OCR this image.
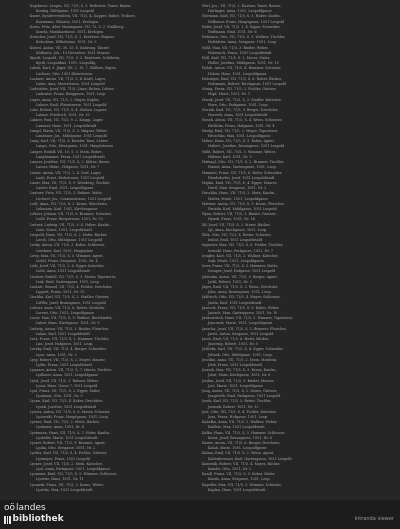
Kujakovac, Leopin, VII, 71/5, S, 3. Redivicer, Tanev, Bauen,
Kunlag, Waldgasse, 1051 Leopold
Kurze, Eyndeverwalten, VII, 71/5, K, Kapper, Ruhre, Trahore,
Kursmann, Glänzen, 1051, Krelogen
Kurtz, Fritz, Alter Stimmgasse, VII, 72, 5, 2. Stallberg,
Kusela, Mankhardasse, 1051, Krelogen
Kutscher, Josef, VII, 71/5, S, 2. Kerberer, Wagner,
Kutschera, Wilhelmine, 1051, Nr. 3
Kützel, Anton, VII, 30, 35, 6. Kuhrung, Tänzer,
Kütbauer, Joh., 10 Hernalser, 1051 Strasse
Kyselt, Leopold, VII, 71/5, 9. 2. Rentierer, Schülerin,
Kyrill, Leopoldine, 1051, Leopoldg.
Labek, Karl, 9. Jäger, VII, 2. 10, 7. Wallner, Sägen,
Lachner, Otto, 1051 Kleinstrasse
Lackner, Anton, VII, 71/5, 5, 4. Kraft, Lager,
Lader, Ama, Meerstrasse, 1051 Leopold
Ladstätter, Josef, VII, 71/5, Linze, Ruhen, Lehrer,
Ladurner, Franz, Berggasse, 1051, Leop.
Lager, Anna, VII, 71/5, 2. Mayer, Kupfer,
Lahner, Emil, Platzstrasse, 1051 Leopold
Lahr, Robert, VII, 71/5, S, 4. Stuben, Lagner,
Laimer, Friedrich, 1051, Nr. 10
Lakner, Paul, VII, 71/5, 9. 2. Knapp, Lager,
Lammer, Hans, 1051, Leopoldstadt
Lampl, Maria, VII, 71/5, S, 3. Wagner, Weber,
Landauer, Jos., Mühlgasse, 1051 Leopold
Lang, Karl, VII, 71/5, 6. Kessler, Tanz, Lehrer,
Lange, Otto, Meergasse, 1051, Hauptstrasse
Langer, Rudolf, VII, 10, 5. 3. Stein, Ruhre,
Langhammer, Franz, 1051 Leopoldstadt
Lanner, Josefine, VII, 71/5, S, 2. Kühne, Bauer,
Lasser, Heinr., Hofgasse, 1051, Nr. 7
Latzer, Anton, VII, 71/5, 2. 4. Dorf, Lager,
Laub, Ernst, Parkstrasse, 1051 Leopold
Lauer, Max, VII, 71/5, S, 9. Weinberg, Tischler,
Laufer, Emil, 1051, Leopoldgasse
Lautner, Fritz, VII, 71/5, 3. Ruhner, Maler,
Lechner, Jos., Sonnenstrasse, 1051 Leopold
Ledl, Anna, VII, 71/5, S, 2. Kraus, Wäscherin,
Lehmann, Karl, 1051, Kirchengasse
Lehner, Johann, VII, 71/5, 6. Brunner, Schuster,
Leibl, Franz, Bergstrasse, 1051, Nr. 12
Leitner, Ludwig, VII, 71/5, 9. 4. Huber, Kaufm.,
Lenz, Marie, 1051, Leopoldstadt
Leopold, Hans, VII, 71/5, S, 2. Hofer, Bäcker,
Lerch, Otto, Mühlgasse, 1051 Leopold
Lesky, Anton, VII, 71/5, 3. Kober, Schlosser,
Leuthner, Karl, 1051, Hauptplatz
Lewy, Max, VII, 71/5, S, 5. Wimmer, Agent,
Lichtl, Franz, Seegasse, 1051, Nr. 4
Lieb, Josef, VII, 71/5, 2. 8. Egger, Kutscher,
Liebl, Anna, 1051 Leopoldstadt
Lindner, Rudolf, VII, 71/5, S, 3. Moser, Tapezierer,
Link, Emil, Gartengasse, 1051, Leop.
Linhart, Wenzel, VII, 71/5, 4. Pichler, Drechsler,
Lippert, Franz, 1051, Nr. 15
Lischka, Karl, VII, 71/5, S, 2. Stadler, Gärtner,
Löffler, Josef, Brunngasse, 1051 Leopold
Lohner, Anna, VII, 71/5, 6. Reiter, Modistin,
Lorenz, Otto, 1051, Leopoldgasse
Loser, Max, VII, 71/5, S, 9. Wallner, Buchbinder,
Luber, Hans, Kirchgasse, 1051, Nr. 9
Ludwig, Anton, VII, 71/5, 3. Binder, Fleischer,
Lukas, Karl, 1051 Leopoldstadt
Lutz, Franz, VII, 71/5, S, 2. Hammer, Tischler,
Lux, Josef, Hofgasse, 1051, Leop.
Lutzky, Emil, VII, 71/5, 4. Berger, Schneider,
Lyon, Anna, 1051, Nr. 3
Lysy, Robert, VII, 71/5, S, 2. Mayer, Maurer,
Lytke, Franz, 1051 Leopoldstadt
Lynauer, Anton, VII, 71/5, S, 7. Hinter, Tischler,
Lydlauer, Anna, 1051, Leopoldgasse
Lytzl, Josef, VII, 71/5, 3. Ruhner, Weber,
Lyzar, Hans, Gasse 7, 1051 Leopold
Lyxl, Franz, VII, 71/5, S, 2. Egger, Maler,
Lyzmann, Otto, 1051, Nr. 5
Lysan, Karl, VII, 71/5, 4. Kober, Drechsler,
Lyzek, Josefine, 1051 Leopoldstadt
Lywitz, Anton, VII, 71/5, S, 6. Moser, Schuster,
Lyzowski, Franz, Hauptgasse, 1051, Leop.
Lyzner, Emil, VII, 71/5, 2. Weiss, Bäcker,
Lyzbauer, Anna, 1051, Nr. 8
Lyztmann, Hans, VII, 71/5, S, 3. Hofer, Kaufm.,
Lyzhofer, Marie, 1051 Leopoldstadt
Lyzzer, Robert, VII, 71/5, 9. Brunner, Agent,
Lyzka, Otto, Seegasse, 1051, Nr. 2
Lyzlitz, Karl, VII, 71/5, S, 4. Pichler, Gärtner,
Lyzmayer, Franz, 1051 Leopold
Lyzner, Josef, VII, 71/5, 2. Stein, Kutscher,
Lyzl, Anna, Parkgasse, 1051, Leopoldgasse
Lyzmaier, Emil, VII, 71/5, S, 5. Wimmer, Schlosser,
Lyzwitz, Hans, 1051, Nr. 11
Lyzanek, Franz, VII, 71/5, 3. Kraus, Weber,
Lyzicka, Max, 1051 Leopoldstadt
Hörl, Jos., VII, 71/5, 2. Kastner, Tanev, Bauen,
Hörlinger, Anna, 1051, Leopoldgasse
Hörmann, Karl, VII, 71/5, S, 3. Huber, Kaufm.,
Hofbauer, Franz, Hauptgasse, 1051 Leopold
Hofer, Josef, VII, 71/5, 2. 4. Egger, Schneider,
Hoffmann, Emil, 1051, Nr. 6
Hofmann, Otto, VII, 71/5, S, 9. Wallner, Tischler,
Hofstätter, Anna, Seegasse, 1051, Leop.
Hohl, Max, VII, 71/5, 3. Binder, Weber,
Hoheneck, Franz, 1051 Leopoldstadt
Holl, Karl, VII, 71/5, S, 2. Moser, Maler,
Holler, Josefine, Mühlgasse, 1051, Nr. 13
Holub, Anton, VII, 71/5, 4. Hammer, Schuster,
Holzer, Hans, 1051, Leopoldgasse
Holzinger, Emil, VII, 71/5, S, 6. Reiter, Bäcker,
Holzmann, Robert, Kirchgasse, 1051 Leopold
Honig, Franz, VII, 71/5, 2. Pichler, Gärtner,
Hopf, Marie, 1051, Nr. 1
Horak, Josef, VII, 71/5, S, 3. Stadler, Kutscher,
Horn, Otto, Parkgasse, 1051, Leop.
Hornik, Karl, VII, 71/5, 9. Berger, Drechsler,
Horvath, Anna, 1051 Leopoldstadt
Hosek, Anton, VII, 71/5, S, 4. Weiss, Schlosser,
Hrdlicka, Franz, Hofgasse, 1051, Nr. 4
Hruby, Emil, VII, 71/5, 2. Mayer, Tapezierer,
Hruschka, Max, 1051, Leopoldgasse
Huber, Hans, VII, 71/5, S, 5. Kober, Agent,
Hubert, Josefine, Brunngasse, 1051 Leopold
Hübl, Robert, VII, 71/5, 3. Wimmer, Weber,
Hübner, Karl, 1051, Nr. 9
Hufnagl, Otto, VII, 71/5, S, 2. Brunner, Tischler,
Humer, Anna, Gartengasse, 1051, Leop.
Hummel, Franz, VII, 71/5, 6. Hofer, Schneider,
Hundsdorfer, Josef, 1051 Leopoldstadt
Hupka, Emil, VII, 71/5, S, 4. Egger, Maurer,
Hurtl, Max, Seegasse, 1051, Nr. 2
Huschka, Hans, VII, 71/5, 2. Stein, Kaufm.,
Hutter, Marie, 1051, Leopoldgasse
Huttner, Anton, VII, 71/5, S, 9. Kraus, Fleischer,
Hwizda, Karl, Mühlgasse, 1051 Leopold
Hyna, Robert, VII, 71/5, 3. Binder, Gärtner,
Hynek, Franz, 1051, Nr. 14
Ibl, Josef, VII, 71/5, S, 2. Moser, Bäcker,
Igl, Anna, Kirchgasse, 1051, Leop.
Illek, Otto, VII, 71/5, 4. Reiter, Schuster,
Imhof, Emil, 1051 Leopoldstadt
Ingruber, Max, VII, 71/5, S, 6. Pichler, Tischler,
Inwinkl, Hans, Parkgasse, 1051, Nr. 7
Irsigler, Karl, VII, 71/5, 2. Wallner, Kutscher,
Isak, Marie, 1051, Leopoldgasse
Isser, Franz, VII, 71/5, S, 3. Hammer, Maler,
Itzinger, Josef, Hofgasse, 1051 Leopold
Jablonka, Anton, VII, 71/5, 5. Berger, Agent,
Jackl, Robert, 1051, Nr. 3
Jäger, Emil, VII, 71/5, S, 2. Weiss, Drechsler,
Jahn, Anna, Brunngasse, 1051, Leop.
Jaklitsch, Otto, VII, 71/5, 4. Mayer, Schlosser,
Janda, Karl, 1051 Leopoldstadt
Janecek, Franz, VII, 71/5, S, 9. Kober, Weber,
Janisch, Max, Gartengasse, 1051, Nr. 10
Jankowitsch, Hans, VII, 71/5, 3. Wimmer, Tapezierer,
Janousek, Marie, 1051, Leopoldgasse
Janscha, Josef, VII, 71/5, S, 2. Brunner, Fleischer,
Jaritz, Anton, Seegasse, 1051 Leopold
Jaroš, Emil, VII, 71/5, 6. Hofer, Bäcker,
Jauernig, Robert, 1051, Nr. 5
Jedlicka, Karl, VII, 71/5, S, 4. Egger, Schneider,
Jelinek, Otto, Mühlgasse, 1051, Leop.
Jeschke, Anna, VII, 71/5, 2. Stein, Modistin,
Jilek, Franz, 1051 Leopoldstadt
Jirasek, Max, VII, 71/5, S, 3. Kraus, Kaufm.,
Jobst, Hans, Kirchgasse, 1051, Nr. 8
Jordan, Josef, VII, 71/5, 9. Binder, Maurer,
Jost, Marie, 1051, Leopoldgasse
Jung, Anton, VII, 71/5, S, 2. Moser, Gärtner,
Jungwirth, Emil, Parkgasse, 1051 Leopold
Jurek, Karl, VII, 71/5, 5. Reiter, Tischler,
Jurasek, Robert, 1051, Nr. 12
Just, Otto, VII, 71/5, S, 4. Pichler, Kutscher,
Juza, Franz, Hofgasse, 1051, Leop.
Kabelka, Anna, VII, 71/5, 2. Wallner, Weber,
Kadletz, Max, 1051 Leopoldstadt
Kafka, Hans, VII, 71/5, S, 3. Hammer, Schlosser,
Kainz, Josef, Brunngasse, 1051, Nr. 6
Kaiser, Anton, VII, 71/5, 6. Berger, Drechsler,
Kalab, Marie, 1051, Leopoldgasse
Kalina, Emil, VII, 71/5, S, 2. Weiss, Agent,
Kaltenbrunner, Karl, Gartengasse, 1051 Leopold
Kamenik, Robert, VII, 71/5, 4. Mayer, Bäcker,
Kamler, Otto, 1051, Nr. 2
Kandl, Franz, VII, 71/5, S, 9. Kober, Maler,
Kanitz, Anna, Seegasse, 1051, Leop.
Kapeller, Max, VII, 71/5, 3. Wimmer, Schuster,
Kaplan, Hans, 1051 Leopoldstadt
oö landes
bibliothek	Intranda viewer
